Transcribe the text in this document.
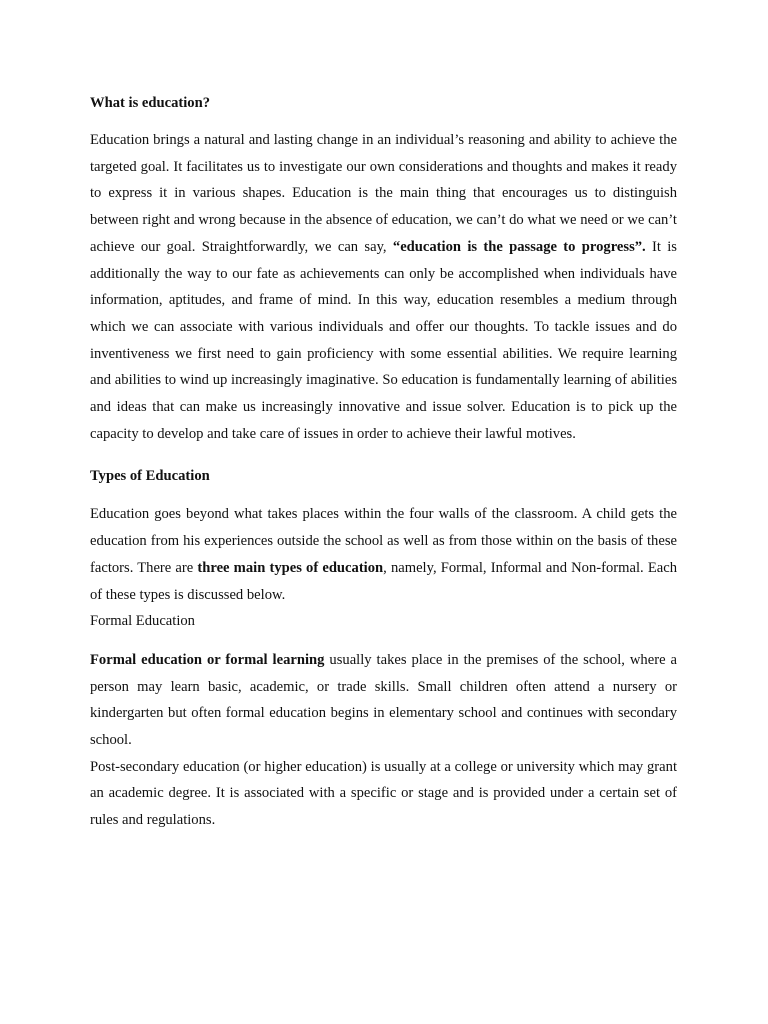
What is education?

Education brings a natural and lasting change in an individual’s reasoning and ability to achieve the targeted goal. It facilitates us to investigate our own considerations and thoughts and makes it ready to express it in various shapes. Education is the main thing that encourages us to distinguish between right and wrong because in the absence of education, we can’t do what we need or we can’t achieve our goal. Straightforwardly, we can say, “education is the passage to progress”. It is additionally the way to our fate as achievements can only be accomplished when individuals have information, aptitudes, and frame of mind. In this way, education resembles a medium through which we can associate with various individuals and offer our thoughts. To tackle issues and do inventiveness we first need to gain proficiency with some essential abilities. We require learning and abilities to wind up increasingly imaginative. So education is fundamentally learning of abilities and ideas that can make us increasingly innovative and issue solver. Education is to pick up the capacity to develop and take care of issues in order to achieve their lawful motives.

Types of Education

Education goes beyond what takes places within the four walls of the classroom. A child gets the education from his experiences outside the school as well as from those within on the basis of these factors. There are three main types of education, namely, Formal, Informal and Non-formal. Each of these types is discussed below.

Formal Education

Formal education or formal learning usually takes place in the premises of the school, where a person may learn basic, academic, or trade skills. Small children often attend a nursery or kindergarten but often formal education begins in elementary school and continues with secondary school.

Post-secondary education (or higher education) is usually at a college or university which may grant an academic degree. It is associated with a specific or stage and is provided under a certain set of rules and regulations.
